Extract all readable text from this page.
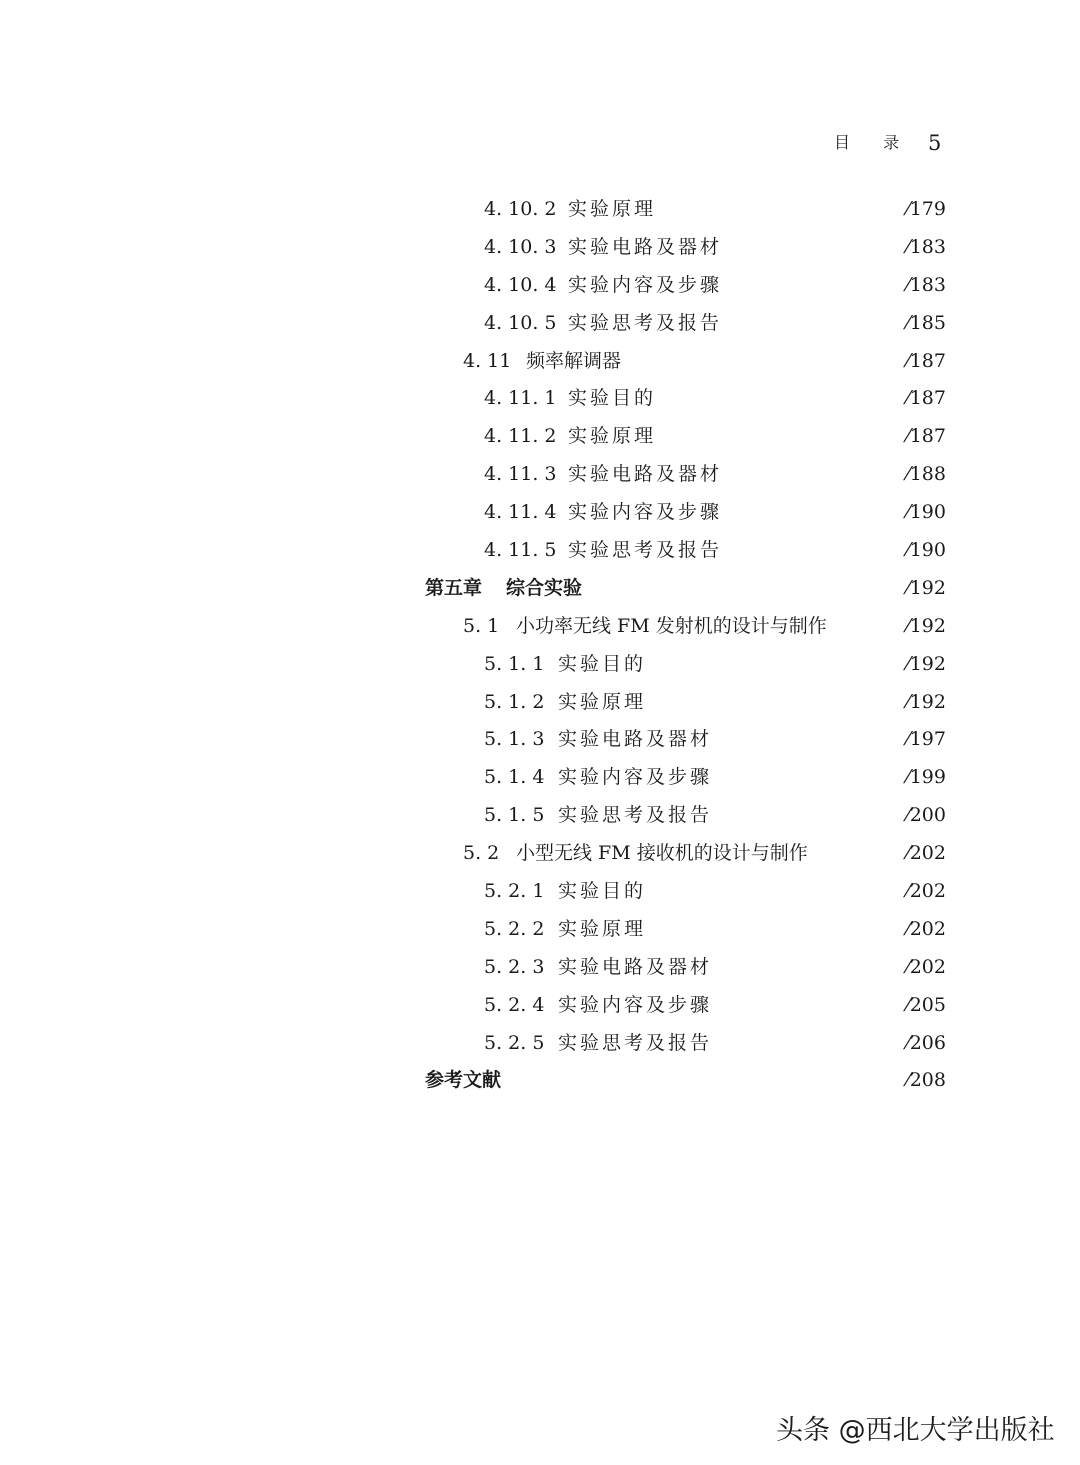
目 录 5
4. 10. 2 实验原理	⁄179
4. 10. 3 实验电路及器材	⁄183
4. 10. 4 实验内容及步骤	⁄183
4. 10. 5 实验思考及报告	⁄185
4. 11 频率解调器	⁄187
4. 11. 1 实验目的	⁄187
4. 11. 2 实验原理	⁄187
4. 11. 3 实验电路及器材	⁄188
4. 11. 4 实验内容及步骤	⁄190
4. 11. 5 实验思考及报告	⁄190
第五章 综合实验	⁄192
5. 1 小功率无线 FM 发射机的设计与制作	⁄192
5. 1. 1 实验目的	⁄192
5. 1. 2 实验原理	⁄192
5. 1. 3 实验电路及器材	⁄197
5. 1. 4 实验内容及步骤	⁄199
5. 1. 5 实验思考及报告	⁄200
5. 2 小型无线 FM 接收机的设计与制作	⁄202
5. 2. 1 实验目的	⁄202
5. 2. 2 实验原理	⁄202
5. 2. 3 实验电路及器材	⁄202
5. 2. 4 实验内容及步骤	⁄205
5. 2. 5 实验思考及报告	⁄206
参考文献	⁄208
头条 @西北大学出版社
